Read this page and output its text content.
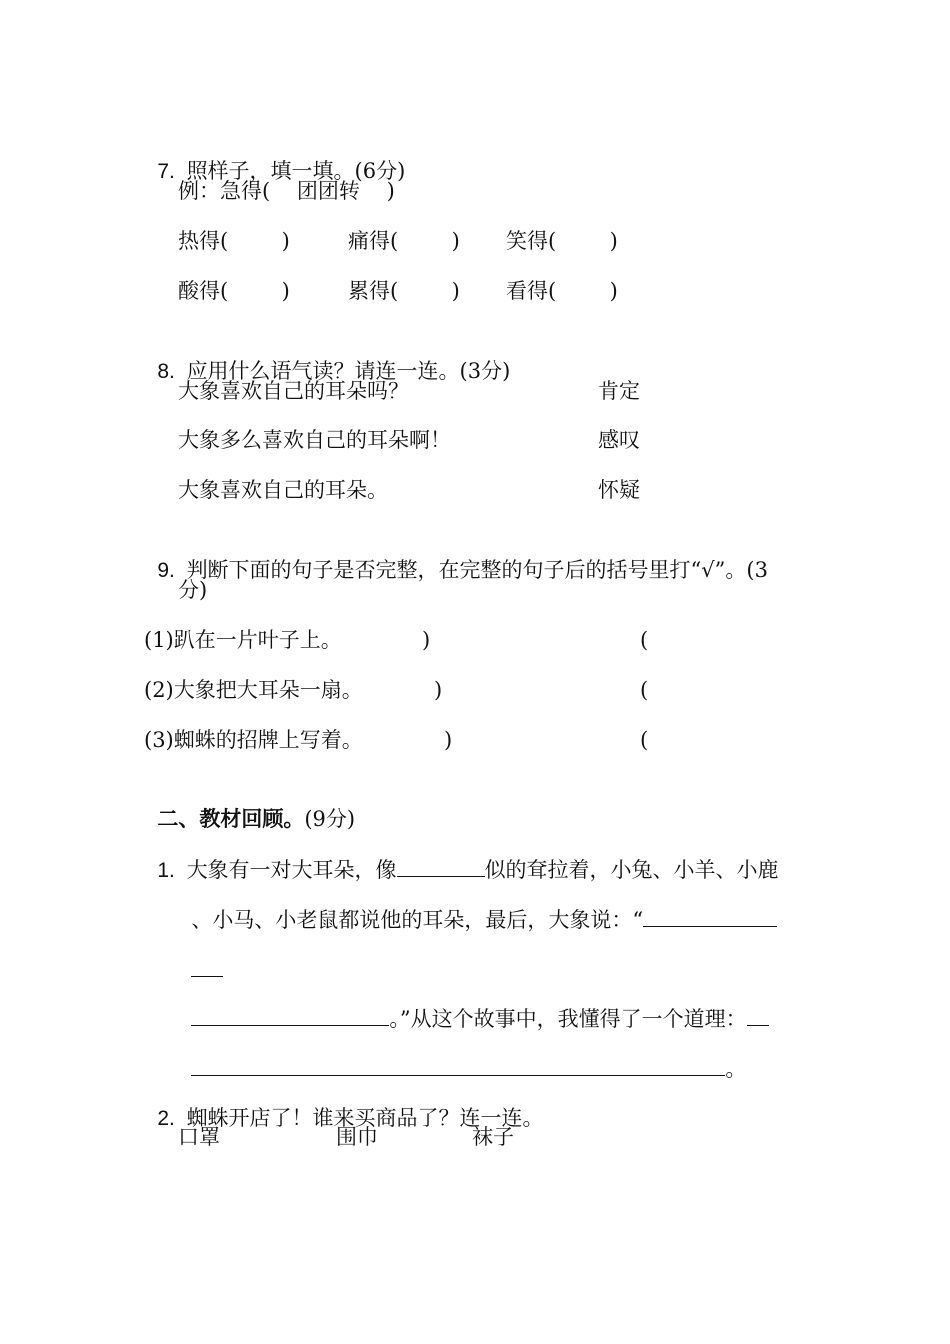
7.  照样子，填一填。(6分)

例：急得(    团团转    )
热得(        )	痛得(        ) 笑得(        )
酸得(        )	累得(        ) 看得(        )

8.  应用什么语气读？请连一连。(3分)

大象喜欢自己的耳朵吗？	肯定
大象多么喜欢自己的耳朵啊！	感叹
大象喜欢自己的耳朵。	怀疑

9.  判断下面的句子是否完整，在完整的句子后的括号里打“√”。(3

分)
(1)趴在一片叶子上。	)	(
(2)大象把大耳朵一扇。	)	(
(3)蜘蛛的招牌上写着。	)	(

二、教材回顾。(9分)

1.  大象有一对大耳朵，像	似的耷拉着，小兔、小羊、小鹿

、小马、小老鼠都说他的耳朵，最后，大象说：“

。”从这个故事中，我懂得了一个道理：

。

2.  蜘蛛开店了！谁来买商品了？连一连。

口罩	围巾	袜子
